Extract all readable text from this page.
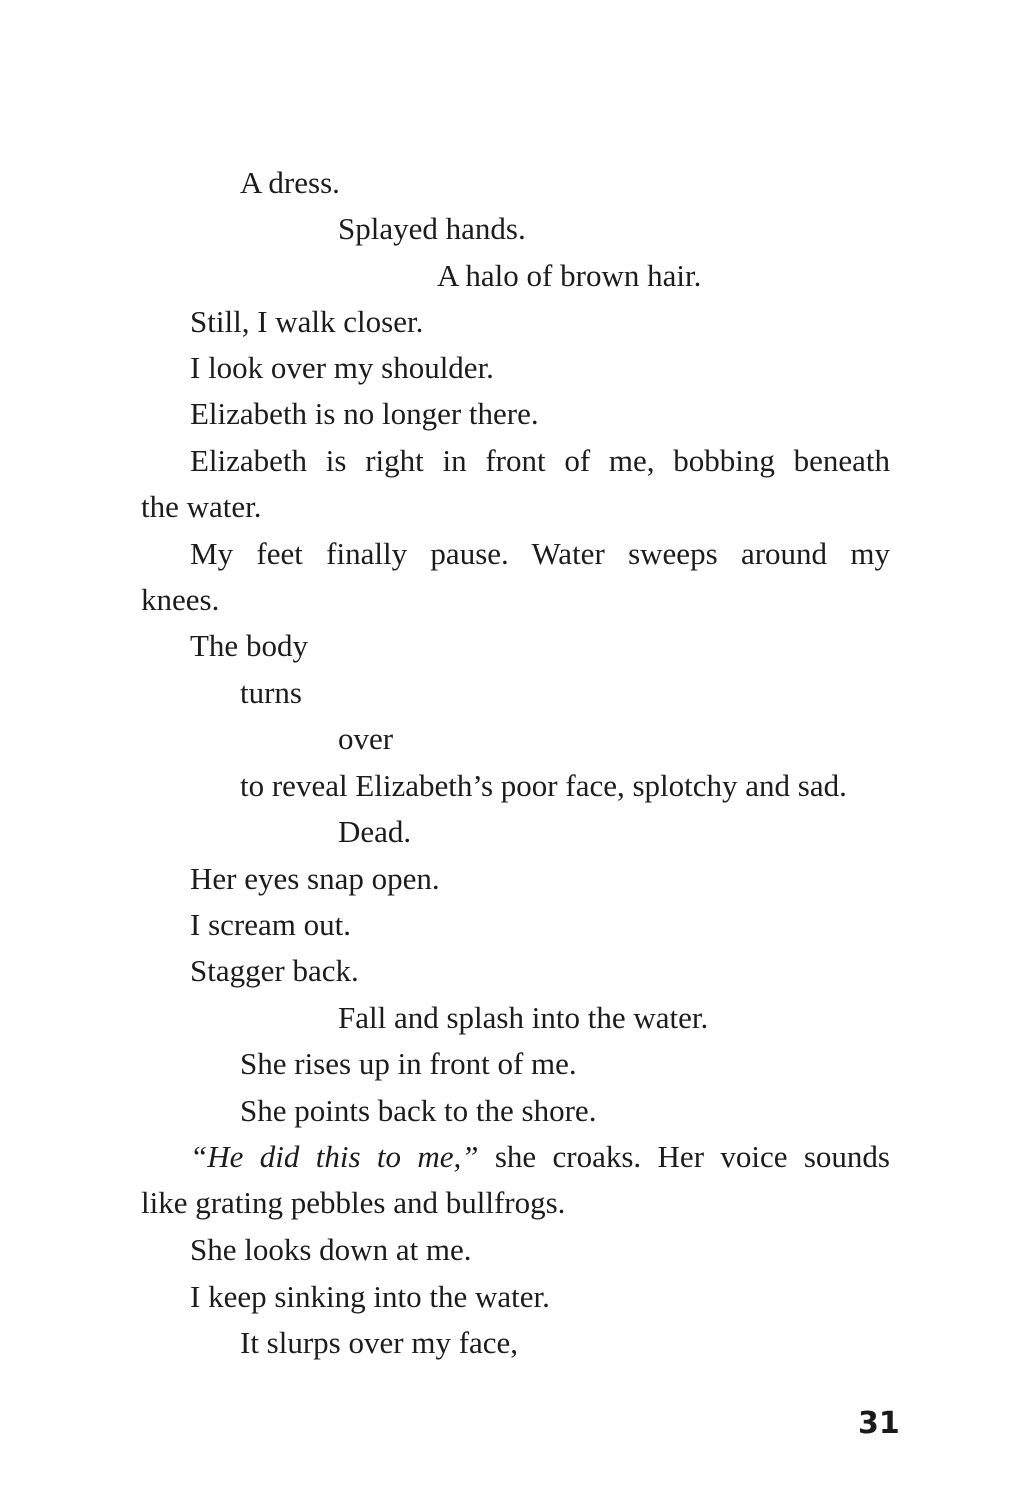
A dress.
Splayed hands.
A halo of brown hair.
Still, I walk closer.
I look over my shoulder.
Elizabeth is no longer there.
Elizabeth is right in front of me, bobbing beneath
the water.
My feet finally pause. Water sweeps around my
knees.
The body
turns
over
to reveal Elizabeth’s poor face, splotchy and sad.
Dead.
Her eyes snap open.
I scream out.
Stagger back.
Fall and splash into the water.
She rises up in front of me.
She points back to the shore.
“He did this to me,” she croaks. Her voice sounds
like grating pebbles and bullfrogs.
She looks down at me.
I keep sinking into the water.
It slurps over my face,
31
